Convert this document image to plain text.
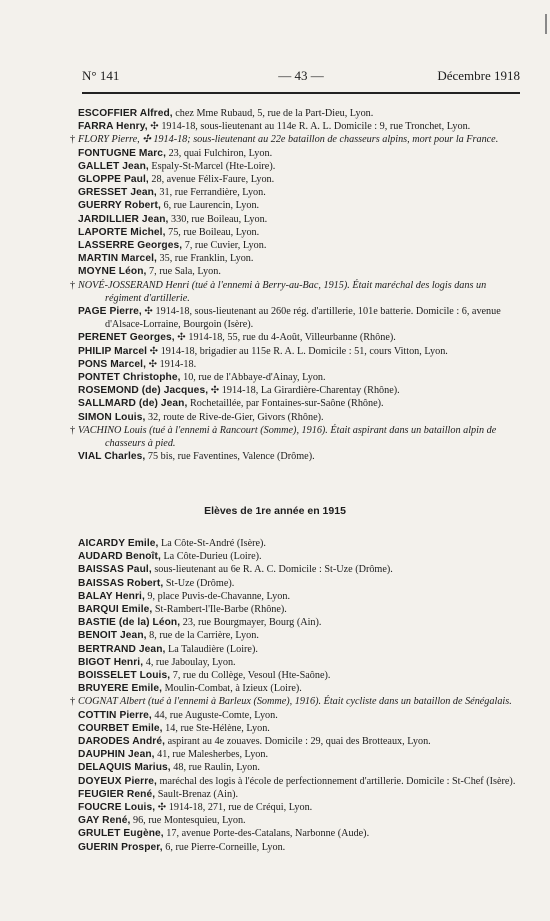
N° 141	— 43 —	Décembre 1918
ESCOFFIER Alfred, chez Mme Rubaud, 5, rue de la Part-Dieu, Lyon.
FARRA Henry, ✣ 1914-18, sous-lieutenant au 114e R. A. L. Domicile : 9, rue Tronchet, Lyon.
† FLORY Pierre, ✣ 1914-18; sous-lieutenant au 22e bataillon de chasseurs alpins, mort pour la France.
FONTUGNE Marc, 23, quai Fulchiron, Lyon.
GALLET Jean, Espaly-St-Marcel (Hte-Loire).
GLOPPE Paul, 28, avenue Félix-Faure, Lyon.
GRESSET Jean, 31, rue Ferrandière, Lyon.
GUERRY Robert, 6, rue Laurencin, Lyon.
JARDILLIER Jean, 330, rue Boileau, Lyon.
LAPORTE Michel, 75, rue Boileau, Lyon.
LASSERRE Georges, 7, rue Cuvier, Lyon.
MARTIN Marcel, 35, rue Franklin, Lyon.
MOYNE Léon, 7, rue Sala, Lyon.
† NOVÉ-JOSSERAND Henri (tué à l'ennemi à Berry-au-Bac, 1915). Était maréchal des logis dans un régiment d'artillerie.
PAGE Pierre, ✣ 1914-18, sous-lieutenant au 260e rég. d'artillerie, 101e batterie. Domicile : 6, avenue d'Alsace-Lorraine, Bourgoin (Isère).
PERENET Georges, ✣ 1914-18, 55, rue du 4-Août, Villeurbanne (Rhône).
PHILIP Marcel ✣ 1914-18, brigadier au 115e R. A. L. Domicile : 51, cours Vitton, Lyon.
PONS Marcel, ✣ 1914-18.
PONTET Christophe, 10, rue de l'Abbaye-d'Ainay, Lyon.
ROSEMOND (de) Jacques, ✣ 1914-18, La Girardière-Charentay (Rhône).
SALLMARD (de) Jean, Rochetaillée, par Fontaines-sur-Saône (Rhône).
SIMON Louis, 32, route de Rive-de-Gier, Givors (Rhône).
† VACHINO Louis (tué à l'ennemi à Rancourt (Somme), 1916). Était aspirant dans un bataillon alpin de chasseurs à pied.
VIAL Charles, 75 bis, rue Faventines, Valence (Drôme).
Elèves de 1re année en 1915
AICARDY Emile, La Côte-St-André (Isère).
AUDARD Benoît, La Côte-Durieu (Loire).
BAISSAS Paul, sous-lieutenant au 6e R. A. C. Domicile : St-Uze (Drôme).
BAISSAS Robert, St-Uze (Drôme).
BALAY Henri, 9, place Puvis-de-Chavanne, Lyon.
BARQUI Emile, St-Rambert-l'Ile-Barbe (Rhône).
BASTIE (de la) Léon, 23, rue Bourgmayer, Bourg (Ain).
BENOIT Jean, 8, rue de la Carrière, Lyon.
BERTRAND Jean, La Talaudière (Loire).
BIGOT Henri, 4, rue Jaboulay, Lyon.
BOISSELET Louis, 7, rue du Collège, Vesoul (Hte-Saône).
BRUYERE Emile, Moulin-Combat, à Izieux (Loire).
† COGNAT Albert (tué à l'ennemi à Barleux (Somme), 1916). Était cycliste dans un bataillon de Sénégalais.
COTTIN Pierre, 44, rue Auguste-Comte, Lyon.
COURBET Emile, 14, rue Ste-Hélène, Lyon.
DARODES André, aspirant au 4e zouaves. Domicile : 29, quai des Brotteaux, Lyon.
DAUPHIN Jean, 41, rue Malesherbes, Lyon.
DELAQUIS Marius, 48, rue Raulin, Lyon.
DOYEUX Pierre, maréchal des logis à l'école de perfectionnement d'artillerie. Domicile : St-Chef (Isère).
FEUGIER René, Sault-Brenaz (Ain).
FOUCRE Louis, ✣ 1914-18, 271, rue de Créqui, Lyon.
GAY René, 96, rue Montesquieu, Lyon.
GRULET Eugène, 17, avenue Porte-des-Catalans, Narbonne (Aude).
GUERIN Prosper, 6, rue Pierre-Corneille, Lyon.
